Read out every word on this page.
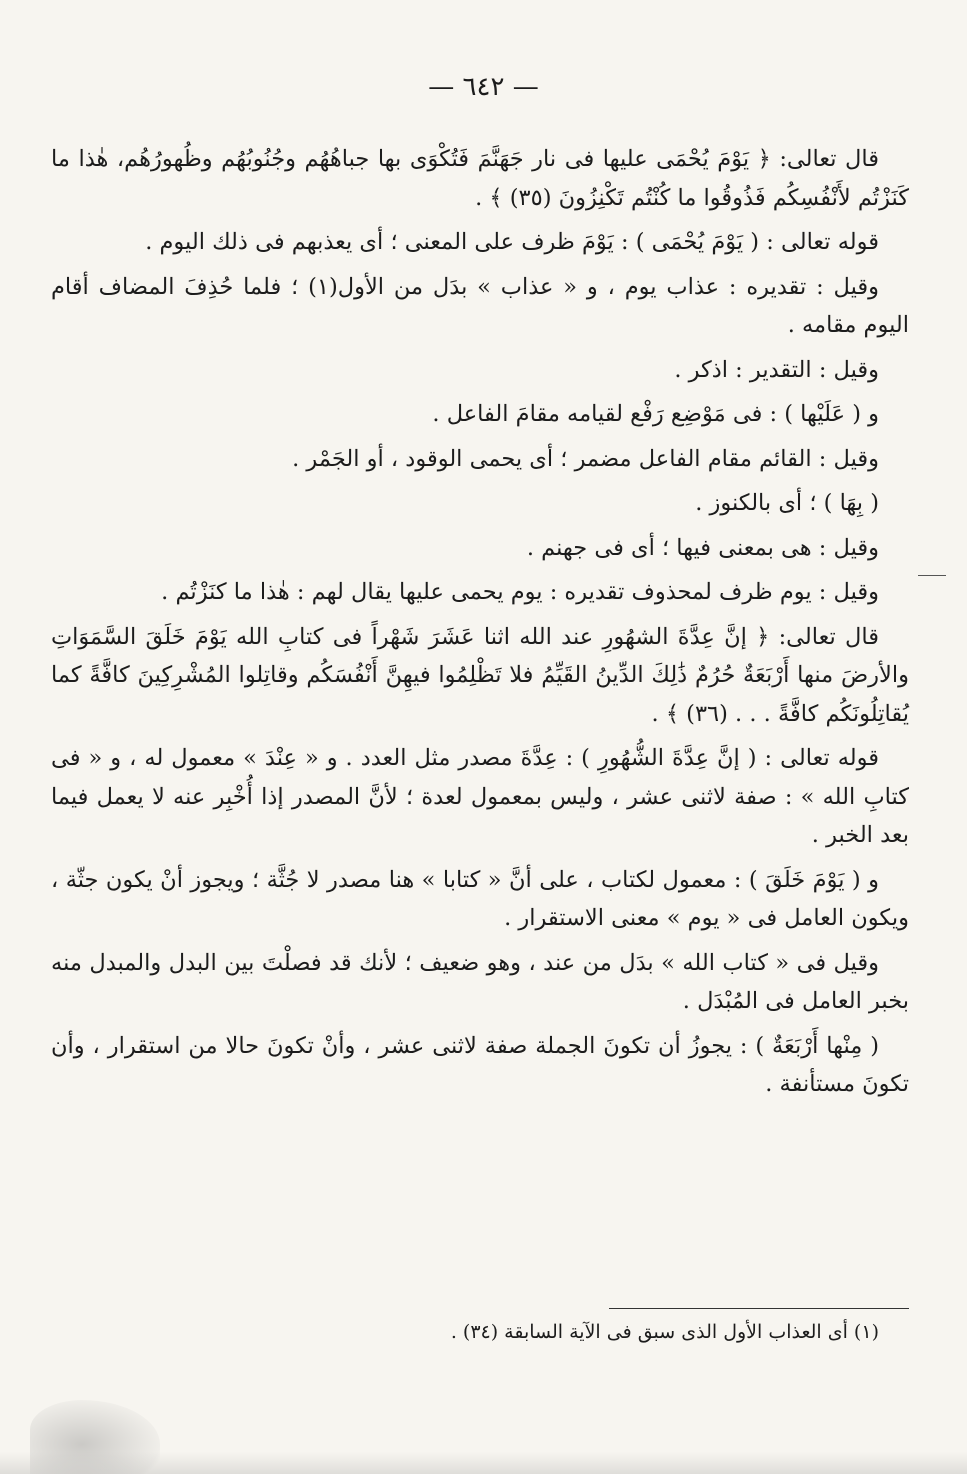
— ٦٤٢ —

قال تعالى: ﴿ يَوْمَ يُحْمَى عليها فى نار جَهَنَّمَ فَتُكْوَى بها جباهُهُم وجُنُوبُهُم وظُهورُهُم، هٰذا ما كَنَزْتُم لأَنْفُسِكُم فَذُوقُوا ما كُنْتُم تَكْنِزُونَ (٣٥) ﴾ .

قوله تعالى : ( يَوْمَ يُحْمَى ) : يَوْمَ ظرف على المعنى ؛ أى يعذبهم فى ذلك اليوم .

وقيل : تقديره : عذاب يوم ، و « عذاب » بدَل من الأول(١) ؛ فلما حُذِفَ المضاف أقام اليوم مقامه .

وقيل : التقدير : اذكر .

و ( عَلَيْها ) : فى مَوْضِع رَفْع لقيامه مقامَ الفاعل .

وقيل : القائم مقام الفاعل مضمر ؛ أى يحمى الوقود ، أو الجَمْر .

( بِهَا ) ؛ أى بالكنوز .

وقيل : هى بمعنى فيها ؛ أى فى جهنم .

وقيل : يوم ظرف لمحذوف تقديره : يوم يحمى عليها يقال لهم : هٰذا ما كنَزْتُم .

قال تعالى: ﴿ إنَّ عِدَّةَ الشهُورِ عند الله اثنا عَشَرَ شَهْراً فى كتابِ الله يَوْمَ خَلَقَ السَّمَوَاتِ والأرضَ منها أَرْبَعَةٌ حُرُمٌ ذَٰلِكَ الدِّينُ القَيِّمُ فلا تَظْلِمُوا فيهِنَّ أَنْفُسَكُم وقاتِلوا المُشْرِكِينَ كافَّةً كما يُقاتِلُونَكُم كافَّةً . . . (٣٦) ﴾ .

قوله تعالى : ( إنَّ عِدَّةَ الشُّهُورِ ) : عِدَّةَ مصدر مثل العدد . و « عِنْدَ » معمول له ، و « فى كتابِ الله » : صفة لاثنى عشر ، وليس بمعمول لعدة ؛ لأنَّ المصدر إذا أُخْبِر عنه لا يعمل فيما بعد الخبر .

و ( يَوْمَ خَلَقَ ) : معمول لكتاب ، على أنَّ « كتابا » هنا مصدر لا جُثَّة ؛ ويجوز أنْ يكون جثّة ، ويكون العامل فى « يوم » معنى الاستقرار .

وقيل فى « كتاب الله » بدَل من عند ، وهو ضعيف ؛ لأنك قد فصلْتَ بين البدل والمبدل منه بخبر العامل فى المُبْدَل .

( مِنْها أَرْبَعَةٌ ) : يجوزُ أن تكونَ الجملة صفة لاثنى عشر ، وأنْ تكونَ حالا من استقرار ، وأن تكونَ مستأنفة .

(١) أى العذاب الأول الذى سبق فى الآية السابقة (٣٤) .
